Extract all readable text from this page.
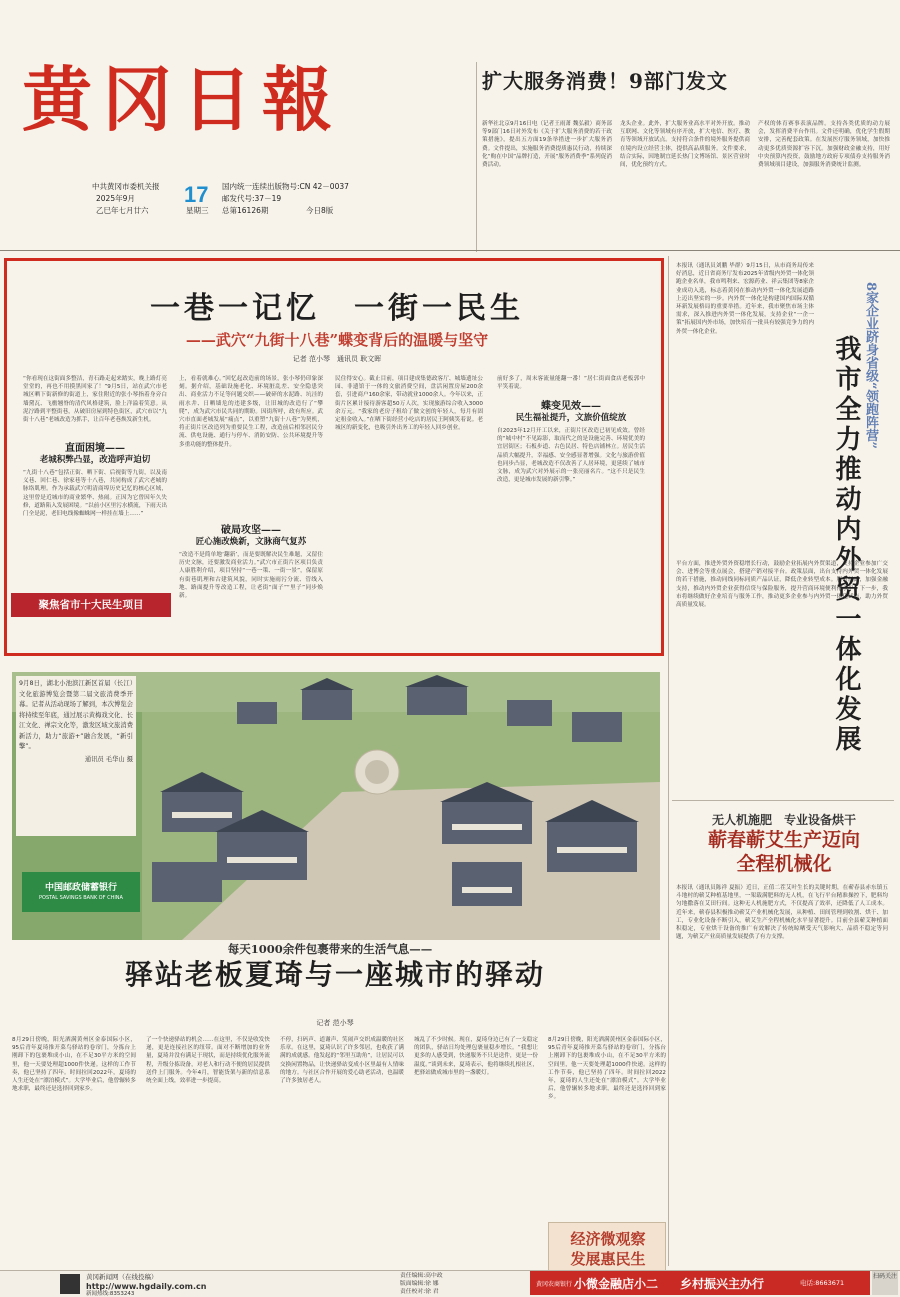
黄冈日報
中共黄冈市委机关报
2025年9月
乙巳年七月廿六
17
星期三
国内统一连续出版物号:CN 42－0037
邮发代号:37－19
总第16126期	今日8版
扩大服务消费！9部门发文
新华社北京9月16日电（记者王雨萧 魏弘毅）商务部等9部门16日对外发布《关于扩大服务消费的若干政策措施》，提出五方面19条举措进一步扩大服务消费。文件提出，实施服务消费提质惠民行动，持续深化“购在中国”品牌打造，开展“服务消费季”系列促消费活动。
龙头企业。此外，扩大服务业高水平对外开放。推动互联网、文化等领域有序开放，扩大电信、医疗、教育等领域开放试点。支持符合条件的境外服务提供商在境内设立经营主体，提供高品质服务。文件要求，结合实际，因地制宜延长热门文博场馆、景区营业时间，优化预约方式。
产权的体育赛事表演品牌。支持各类优质的动力展会，发挥消费平台作用。文件还明确，优化学生假期安排，完善配套政策。在发展医疗服务领域，加快推动更多优质资源扩容下沉。加强财政金融支持，用好中央预算内投资，鼓励地方政府专项债券支持服务消费领域项目建设，加强服务消费统计监测。
一巷一记忆　一街一民生
——武穴“九街十八巷”蝶变背后的温暖与坚守
记者 范小琴　通讯员 耿文晖
“你看现在这街面多整洁，青石路走起来踏实，晚上路灯亮堂堂的，再也不用摸黑回家了！”9月5日，站在武穴市老城区晒下街新修的街道上，家住附近的张小琴指着身旁白墙黛瓦、飞檐翘脊的清代风格建筑，脸上洋溢着笑意。从泥泞路到平整街巷，从破旧房屋到特色街区，武穴市以“九街十八巷”老城改造为抓手，让百年老巷焕发新生机。
直面困境——
老城积弊凸显，改造呼声迫切
“九街十八巷”包括正街、晒下街、后视街等九街，以及南义巷、回仁巷、徐家巷等十八巷，共同构成了武穴老城的脉络肌理。作为承载武穴明清商埠历史记忆的核心区域，这里曾是近城市的商业繁华、热闹。正因为它曾因年久失修，道路陷入发展困境。“以前小区里污水横流，下雨天出门全是泥，老旧电线像蜘蛛网一样挂在墙上……”
聚焦省市十大民生项目
上，看着就难心。”回忆起改造前的场景，张小琴仍印象深刻。据介绍，基础设施老化、环境脏乱差、安全隐患突出、商业活力不足等问题交织——破碎的水泥路、坑洼的雨水井、日晒墙危的违建多级，让旧城的改造行了“攀爬”，成为武穴市民共同的期盼。因街所呼，政有所应。武穴市直面老城发展“痛点”，以重塑“九街十八巷”为契机，将正街片区改造列为重要民生工程，改造前后相邻居民分流、供电设施、通行与停车、消防安防、公共环境提升等多重功能的整体提升。
破局攻坚——
匠心施改焕新，文脉商气复苏
“改造不是简单地‘翻新’，而是要既解决民生难题，又留住历史文脉，还要激发商业活力。”武穴市正街片区项目负责人康胜利介绍，项目坚持“一巷一策、一街一景”，保留原有街巷肌理和古建筑风貌，同时实施雨污分流、管线入地、路面提升等改造工程，让老街“面子”“里子”同步焕新。
民住得安心。截止目前，项目建成集德政客厅、城墙遗址公园、非遗馆于一体的文旅消费空间，盘活闲置房屋200余套，引进商户160余家，带动就业1000余人。今年以来，正街片区累计接待游客超50万人次，实现旅游综合收入3000余万元。“我家的老房子租给了做文创的年轻人，每月有固定租金收入。”在晒下街经营小吃店的居民王阿姨笑着说。老城区的新变化，也吸引外出务工的年轻人回乡创业。
前好多了，周末客流量能翻一番！”居仁街面食店老板郭中平笑着说。
蝶变见效——
民生福祉提升，文旅价值绽放
自2023年12月开工以来，正街片区改造已初见成效。曾经的“城中村”不见踪影，取而代之的是设施完善、环境优美的宜居街区；石板步道、古色民居、特色店铺林立。居民生活品质大幅提升，幸福感、安全感显著增强。文化与旅游价值也同步凸显，老城改造不仅改善了人居环境，更延续了城市文脉，成为武穴对外展示的一张亮丽名片。“这不只是民生改造，更是城市发展的新引擎。”
本报讯（通讯员刘鹏 毕群）9月15日，从市商务局传来好消息，近日省商务厅发布2025年省级内外贸一体化领跑企业名单，我市鸣利来、宏源药业、祥云集团等8家企业成功入选，标志着黄冈在推动内外贸一体化发展道路上迈出坚实的一步。内外贸一体化是构建国内国际双循环新发展格局的重要举措。近年来，我市聚焦市场主体需求，深入推进内外贸一体化发展，支持企业“一企一策”拓展国内外市场，加快培育一批具有较强竞争力的内外贸一体化企业。
平台方面，推进外贸外资稳增长行动，鼓励企业拓展内外贸渠道，支持企业参加广交会、进博会等重点展会，搭建产销对接平台。政策层面，出台支持内外贸一体化发展的若干措施，推动同线同标同质产品认证，降低企业转型成本。服务层面，加强金融支持，推动内外贸企业获得信贷与保险服务，提升营商环境便利化水平。下一步，我市将继续做好企业培育与服务工作，推动更多企业参与内外贸一体化试点，助力外贸高质量发展。
8家企业跻身省级“领跑阵营”
我市全力推动内外贸一体化发展
无人机施肥　专业设备烘干
蕲春蕲艾生产迈向全程机械化
本报讯（通讯员陈祥 夏振）近日，正值二茬艾叶生长的关键时期，在蕲春县赤东镇五斗地村的蕲艾种植基地里，一架载满肥料的无人机，在飞行平台精准操控下，肥料均匀地撒落在艾田行间。这种无人机施肥方式，不仅提高了效率，还降低了人工成本。近年来，蕲春县积极推动蕲艾产业机械化发展，从种植、田间管理到收割、烘干、加工，专业化设备不断引入，蕲艾生产全程机械化水平显著提升。目前全县蕲艾种植面积稳定，专业烘干设备的推广有效解决了传统晾晒受天气影响大、品质不稳定等问题，为蕲艾产业高质量发展提供了有力支撑。
9月8日，湖北小池滨江新区首届（长江）文化旅游博览会暨第二届文旅消费季开幕。记者从活动现场了解到，本次博览会将持续至年底，通过展示黄梅戏文化、长江文化、禅宗文化等，激发区域文旅消费新活力，助力“旅游+”融合发展，“新引擎”。

通讯员 毛华山 摄
中国邮政储蓄银行
POSTAL SAVINGS BANK OF CHINA
每天1000余件包裹带来的生活气息——
驿站老板夏琦与一座城市的驿动
记者 范小琴
8月29日傍晚，阳光洒满黄州区金泰国际小区，95后青年夏琦推开菜鸟驿站的卷帘门，分拣台上刚卸下的包裹堆成小山，在不足30平方米的空间里，他一天要处理超1000件快递。这样的工作节奏，他已坚持了四年。时间拉回2022年，夏琦的人生还处在“漂泊模式”。大学毕业后，他曾辗转多地求职，最终还是选择回到家乡。
了一个快递驿站的机会……在这里，不仅是收发快递，更是连接社区的纽带。面对不断增加的业务量，夏琦并没有满足于现状，而是持续优化服务流程，升级分拣设备，对老人和行动不便的居民提供送件上门服务。今年4月，智能货架与新的信息系统全面上线，效率进一步提高。
不停，扫码声、道谢声、笑闹声交织成温暖的社区乐章。在这里，夏琦认识了许多邻居，也收获了满满的成就感。他发起的“邻里互助角”，让居民可以交换闲置物品，让快递驿站变成小区里最有人情味的地方。与社区合作开展的爱心助老活动，也温暖了许多独居老人。
城乱了不少时候。现在，夏琦身边已有了一支稳定的团队，驿站日均处理包裹量稳步增长。“我想让更多的人感受到，快递服务不只是送件，更是一份温度。”谈到未来，夏琦表示，他将继续扎根社区，把驿站做成城市里的一盏暖灯。
8月29日傍晚，阳光洒满黄州区金泰国际小区，95后青年夏琦推开菜鸟驿站的卷帘门，分拣台上刚卸下的包裹堆成小山，在不足30平方米的空间里，他一天要处理超1000件快递。这样的工作节奏，他已坚持了四年。时间拉回2022年，夏琦的人生还处在“漂泊模式”。大学毕业后，他曾辗转多地求职，最终还是选择回到家乡。
经济微观察
发展惠民生
黄冈新闻网（在线投稿）
http://www.hgdaily.com.cn
新闻热线:8353243
责任编辑:高中政
版面编辑:徐 娜
责任校对:徐 君
黄冈农商银行 小微金融店小二 乡村振兴主办行	电话:8663671
扫码关注
